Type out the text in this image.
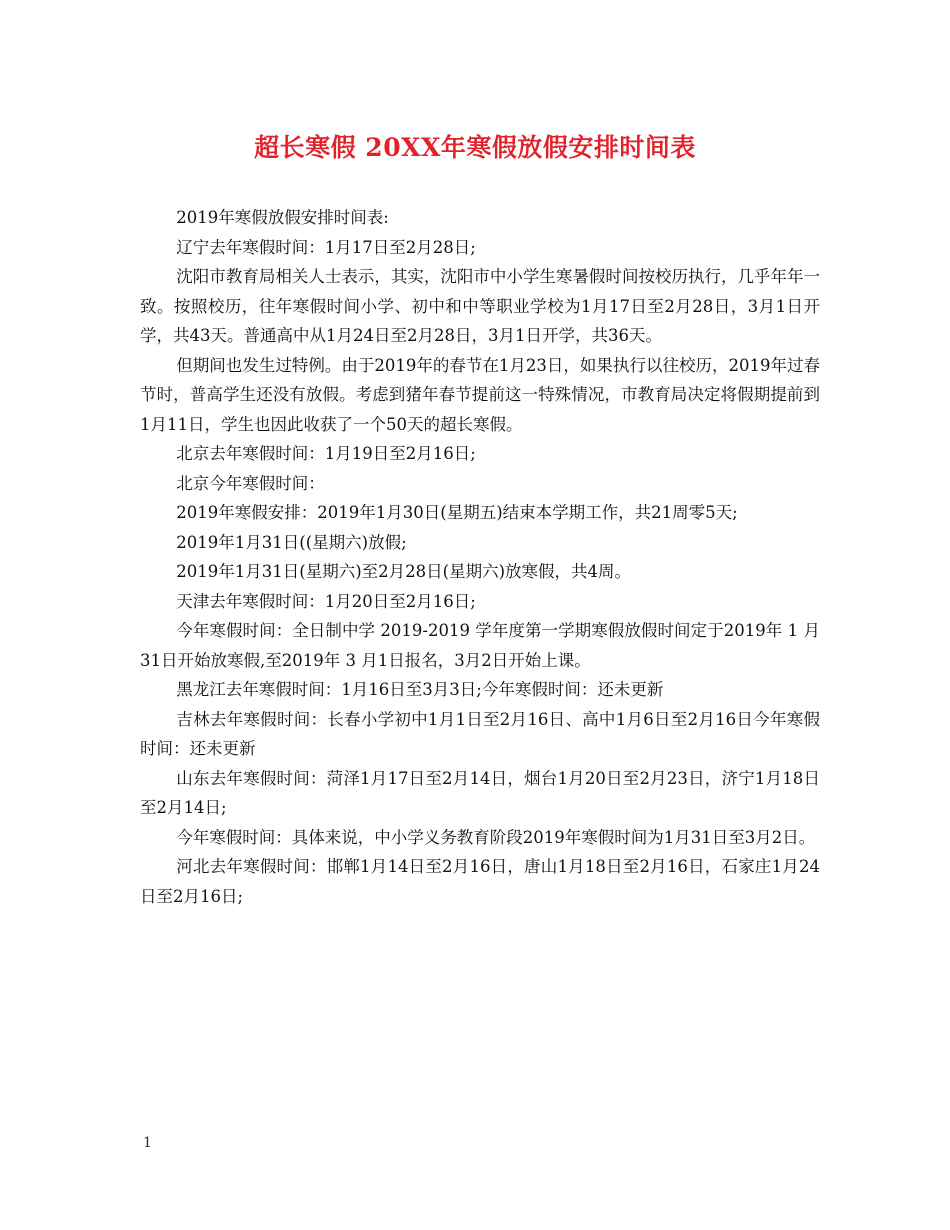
超长寒假 20XX年寒假放假安排时间表

2019年寒假放假安排时间表:

辽宁去年寒假时间：1月17日至2月28日;

沈阳市教育局相关人士表示，其实，沈阳市中小学生寒暑假时间按校历执行，几乎年年一致。按照校历，往年寒假时间小学、初中和中等职业学校为1月17日至2月28日，3月1日开学，共43天。普通高中从1月24日至2月28日，3月1日开学，共36天。

但期间也发生过特例。由于2019年的春节在1月23日，如果执行以往校历，2019年过春节时，普高学生还没有放假。考虑到猪年春节提前这一特殊情况，市教育局决定将假期提前到1月11日，学生也因此收获了一个50天的超长寒假。

北京去年寒假时间：1月19日至2月16日;

北京今年寒假时间：

2019年寒假安排：2019年1月30日(星期五)结束本学期工作，共21周零5天;

2019年1月31日((星期六)放假;

2019年1月31日(星期六)至2月28日(星期六)放寒假，共4周。

天津去年寒假时间：1月20日至2月16日;

今年寒假时间：全日制中学 2019-2019 学年度第一学期寒假放假时间定于2019年 1 月 31日开始放寒假,至2019年 3 月1日报名，3月2日开始上课。

黑龙江去年寒假时间：1月16日至3月3日;今年寒假时间：还未更新

吉林去年寒假时间：长春小学初中1月1日至2月16日、高中1月6日至2月16日今年寒假时间：还未更新

山东去年寒假时间：菏泽1月17日至2月14日，烟台1月20日至2月23日，济宁1月18日至2月14日;

今年寒假时间：具体来说，中小学义务教育阶段2019年寒假时间为1月31日至3月2日。

河北去年寒假时间：邯郸1月14日至2月16日，唐山1月18日至2月16日，石家庄1月24日至2月16日;

1
